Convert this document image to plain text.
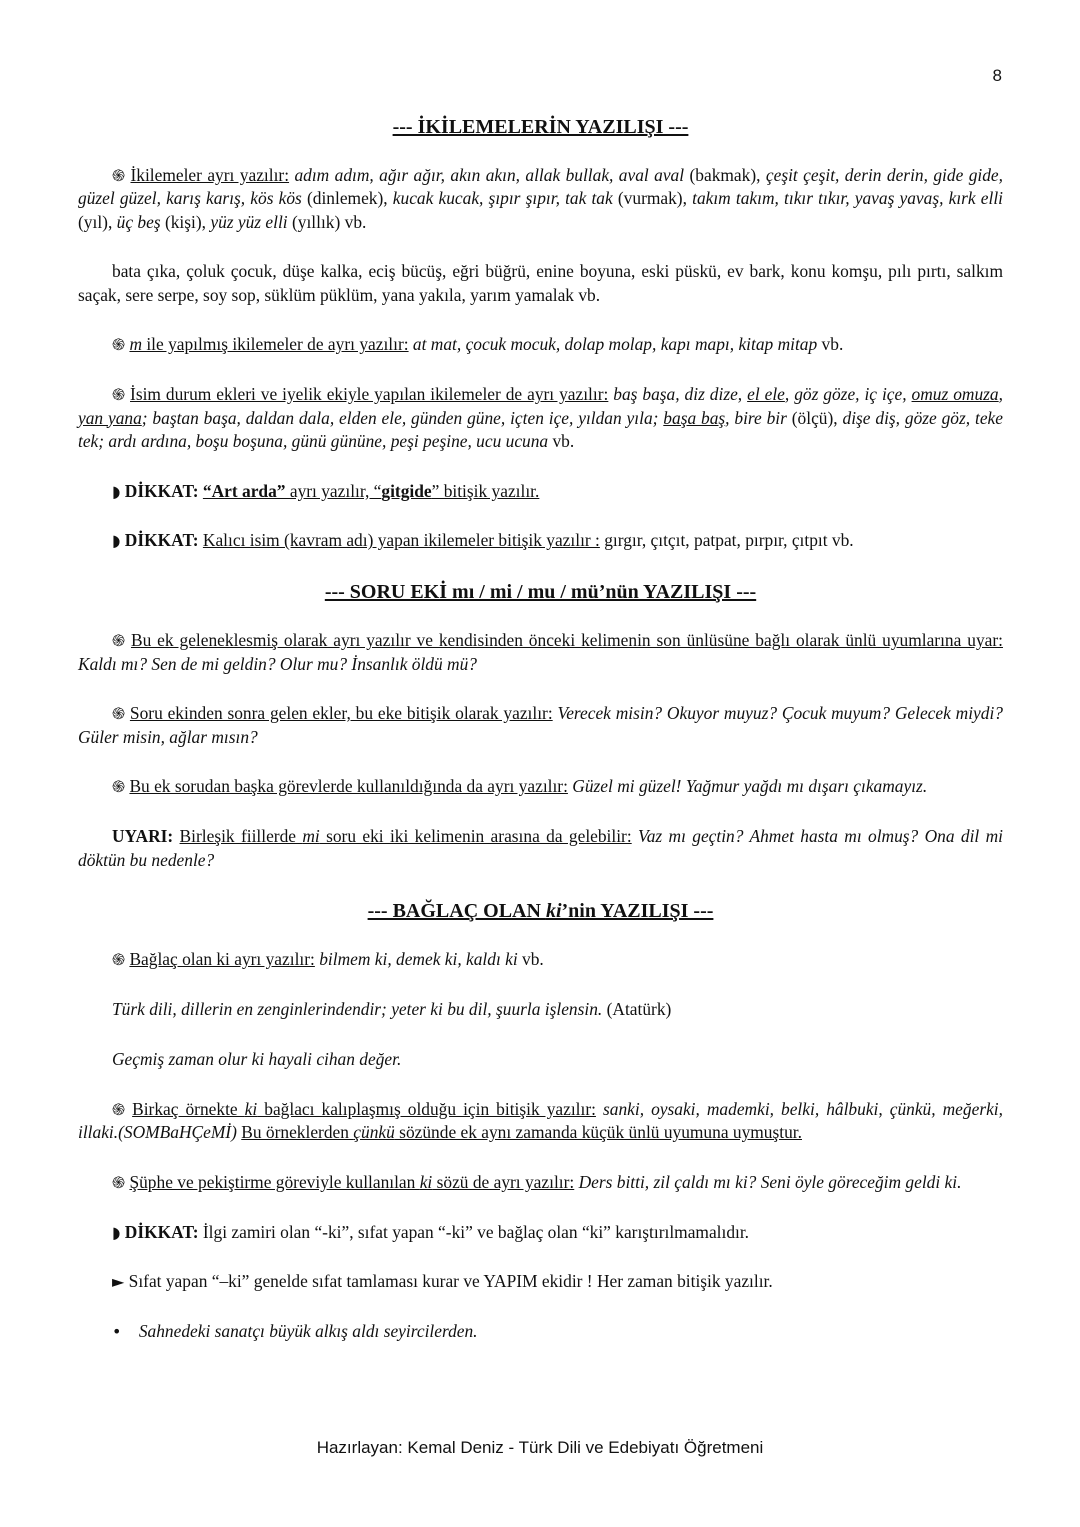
8
--- İKİLEMELERİN YAZILIŞI ---
֍ İkilemeler ayrı yazılır: adım adım, ağır ağır, akın akın, allak bullak, aval aval (bakmak), çeşit çeşit, derin derin, gide gide, güzel güzel, karış karış, kös kös (dinlemek), kucak kucak, şıpır şıpır, tak tak (vurmak), takım takım, tıkır tıkır, yavaş yavaş, kırk elli (yıl), üç beş (kişi), yüz yüz elli (yıllık) vb.
bata çıka, çoluk çocuk, düşe kalka, eciş bücüş, eğri büğrü, enine boyuna, eski püskü, ev bark, konu komşu, pılı pırtı, salkım saçak, sere serpe, soy sop, süklüm püklüm, yana yakıla, yarım yamalak vb.
֍ m ile yapılmış ikilemeler de ayrı yazılır: at mat, çocuk mocuk, dolap molap, kapı mapı, kitap mitap vb.
֍ İsim durum ekleri ve iyelik ekiyle yapılan ikilemeler de ayrı yazılır: baş başa, diz dize, el ele, göz göze, iç içe, omuz omuza, yan yana; baştan başa, daldan dala, elden ele, günden güne, içten içe, yıldan yıla; başa baş, bire bir (ölçü), dişe diş, göze göz, teke tek; ardı ardına, boşu boşuna, günü gününe, peşi peşine, ucu ucuna vb.
◗ DİKKAT: “Art arda” ayrı yazılır, “gitgide” bitişik yazılır.
◗ DİKKAT: Kalıcı isim (kavram adı) yapan ikilemeler bitişik yazılır : gırgır, çıtçıt, patpat, pırpır, çıtpıt vb.
--- SORU EKİ mı / mi / mu / mü’nün YAZILIŞI ---
֍ Bu ek geleneklesmiş olarak ayrı yazılır ve kendisinden önceki kelimenin son ünlüsüne bağlı olarak ünlü uyumlarına uyar: Kaldı mı? Sen de mi geldin? Olur mu? İnsanlık öldü mü?
֍ Soru ekinden sonra gelen ekler, bu eke bitişik olarak yazılır: Verecek misin? Okuyor muyuz? Çocuk muyum? Gelecek miydi? Güler misin, ağlar mısın?
֍ Bu ek sorudan başka görevlerde kullanıldığında da ayrı yazılır: Güzel mi güzel! Yağmur yağdı mı dışarı çıkamayız.
UYARI: Birleşik fiillerde mi soru eki iki kelimenin arasına da gelebilir: Vaz mı geçtin? Ahmet hasta mı olmuş? Ona dil mi döktün bu nedenle?
--- BAĞLAÇ OLAN ki’nin YAZILIŞI ---
֍ Bağlaç olan ki ayrı yazılır: bilmem ki, demek ki, kaldı ki vb.
Türk dili, dillerin en zenginlerindendir; yeter ki bu dil, şuurla işlensin. (Atatürk)
Geçmiş zaman olur ki hayali cihan değer.
֍ Birkaç örnekte ki bağlacı kalıplaşmış olduğu için bitişik yazılır: sanki, oysaki, mademki, belki, hâlbuki, çünkü, meğerki, illaki.(SOMBaHÇeMİ) Bu örneklerden çünkü sözünde ek aynı zamanda küçük ünlü uyumuna uymuştur.
֍ Şüphe ve pekiştirme göreviyle kullanılan ki sözü de ayrı yazılır: Ders bitti, zil çaldı mı ki? Seni öyle göreceğim geldi ki.
◗ DİKKAT: İlgi zamiri olan “-ki”, sıfat yapan “-ki” ve bağlaç olan “ki” karıştırılmamalıdır.
► Sıfat yapan “–ki” genelde sıfat tamlaması kurar ve YAPIM ekidir ! Her zaman bitişik yazılır.
• Sahnedeki sanatçı büyük alkış aldı seyircilerden.
Hazırlayan: Kemal Deniz - Türk Dili ve Edebiyatı Öğretmeni
